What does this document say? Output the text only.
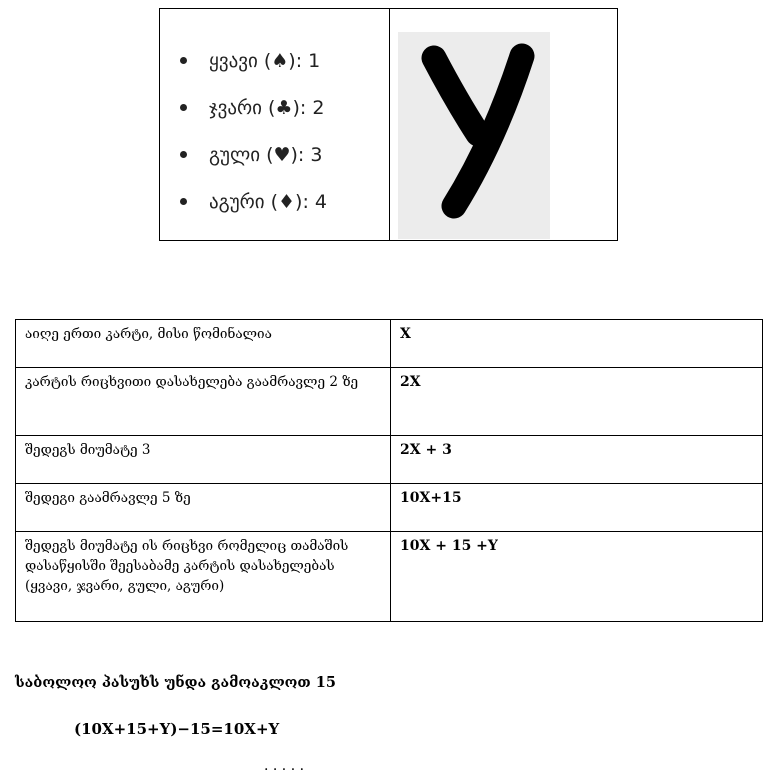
ყვავი (♠): 1
ჯვარი (♣): 2
გული (♥): 3
აგური (♦): 4
აიღე ერთი კარტი, მისი წომინალია	X
კარტის რიცხვითი დასახელება გაამრავლე 2 ზე	2X
შედეგს მიუმატე 3	2X + 3
შედეგი გაამრავლე 5 ზე	10X+15
შედეგს მიუმატე ის რიცხვი რომელიც თამაშის დასაწყისში შეესაბამე კარტის დასახელებას (ყვავი, ჯვარი, გული, აგური)	10X + 15 +Y
საბოლოო პასუხს უნდა გამოაკლოთ 15
(10X+15+Y)−15=10X+Y
· · · · ·
